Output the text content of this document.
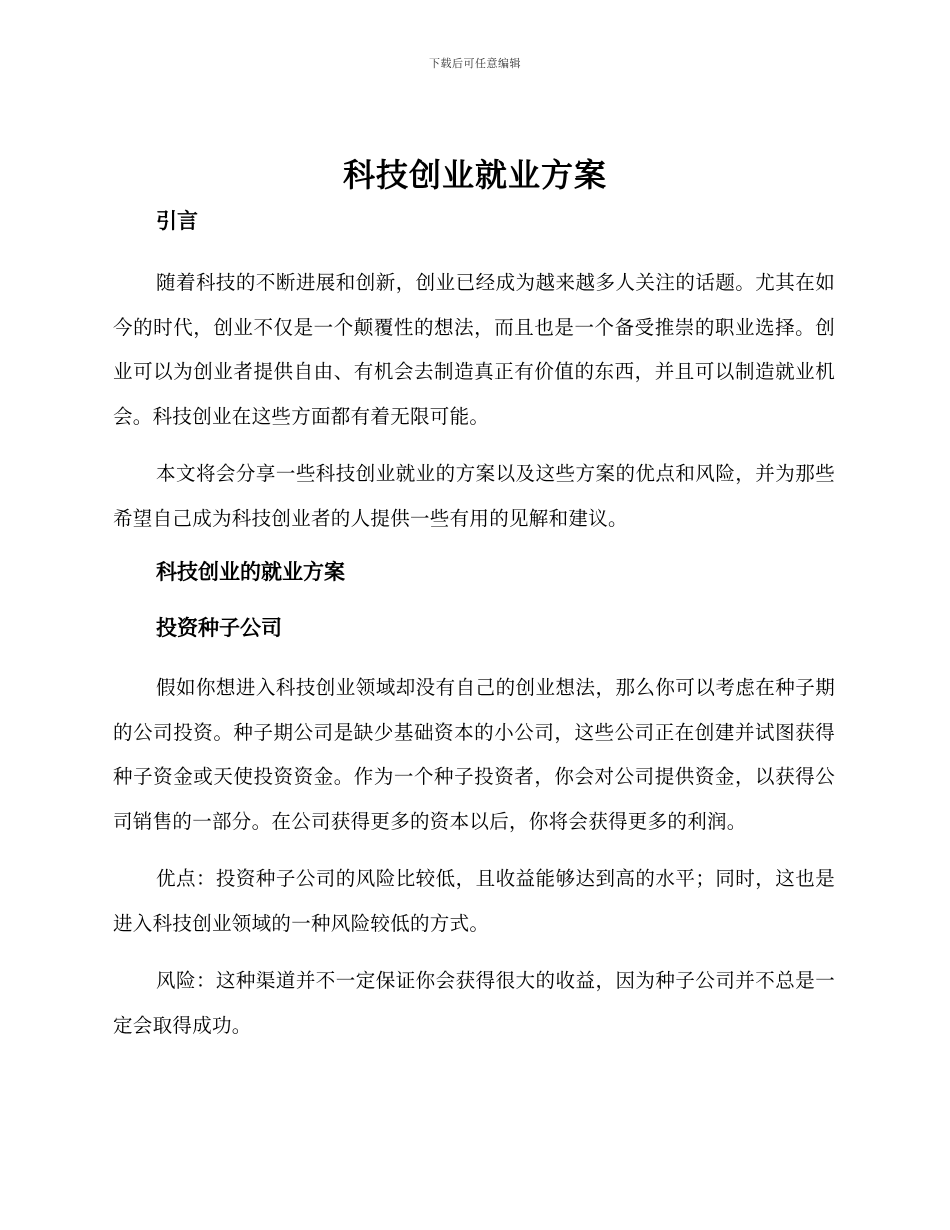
下载后可任意编辑
科技创业就业方案
引言

随着科技的不断进展和创新，创业已经成为越来越多人关注的话题。尤其在如今的时代，创业不仅是一个颠覆性的想法，而且也是一个备受推崇的职业选择。创业可以为创业者提供自由、有机会去制造真正有价值的东西，并且可以制造就业机会。科技创业在这些方面都有着无限可能。

本文将会分享一些科技创业就业的方案以及这些方案的优点和风险，并为那些希望自己成为科技创业者的人提供一些有用的见解和建议。

科技创业的就业方案
投资种子公司

假如你想进入科技创业领域却没有自己的创业想法，那么你可以考虑在种子期的公司投资。种子期公司是缺少基础资本的小公司，这些公司正在创建并试图获得种子资金或天使投资资金。作为一个种子投资者，你会对公司提供资金，以获得公司销售的一部分。在公司获得更多的资本以后，你将会获得更多的利润。

优点：投资种子公司的风险比较低，且收益能够达到高的水平；同时，这也是进入科技创业领域的一种风险较低的方式。

风险：这种渠道并不一定保证你会获得很大的收益，因为种子公司并不总是一定会取得成功。
